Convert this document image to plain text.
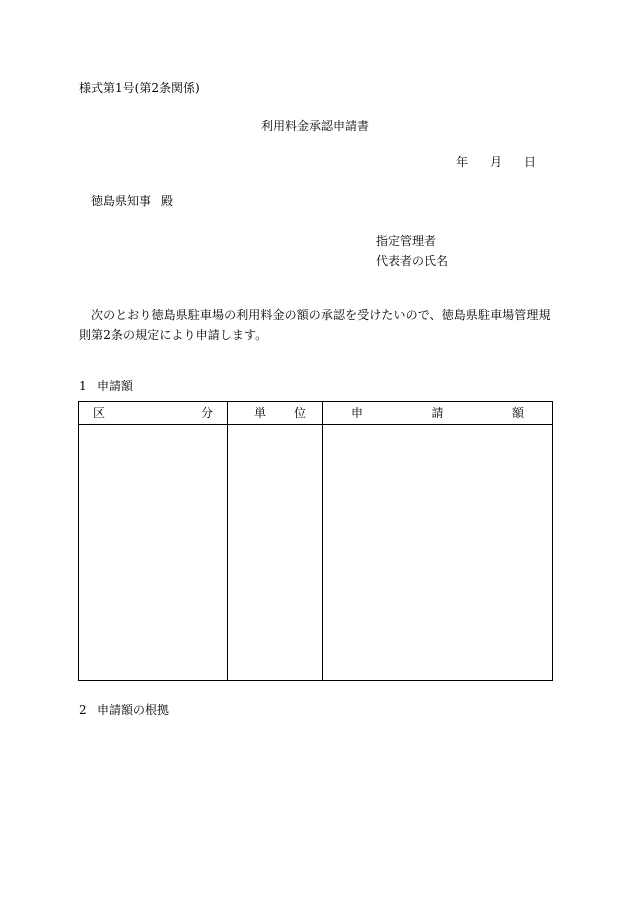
様式第1号(第2条関係)
利用料金承認申請書
年 月 日
徳島県知事 殿
指定管理者
代表者の氏名
次のとおり徳島県駐車場の利用料金の額の承認を受けたいので、徳島県駐車場管理規則第2条の規定により申請します。
1 申請額
区 分	単 位	申 請 額

2 申請額の根拠
